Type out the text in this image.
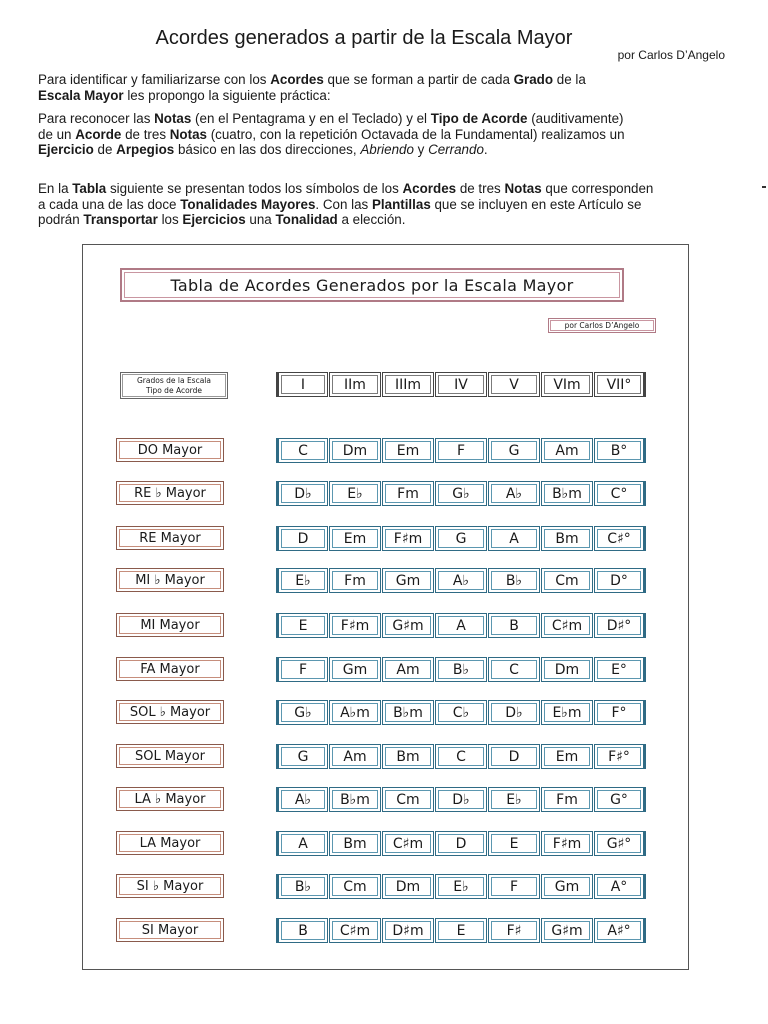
Acordes generados a partir de la Escala Mayor
por Carlos D’Angelo
Para identificar y familiarizarse con los Acordes que se forman a partir de cada Grado de la
Escala Mayor les propongo la siguiente práctica:
Para reconocer las Notas (en el Pentagrama y en el Teclado) y el Tipo de Acorde (auditivamente)
de un Acorde de tres Notas (cuatro, con la repetición Octavada de la Fundamental) realizamos un
Ejercicio de Arpegios básico en las dos direcciones, Abriendo y Cerrando.
En la Tabla siguiente se presentan todos los símbolos de los Acordes de tres Notas que corresponden
a cada una de las doce Tonalidades Mayores. Con las Plantillas que se incluyen en este Artículo se
podrán Transportar los Ejercicios una Tonalidad a elección.
Tabla de Acordes Generados por la Escala Mayor
por Carlos D’Angelo
Grados de la Escala
Tipo de Acorde	I	IIm	IIIm	IV	V	VIm	VII°
DO Mayor	C	Dm	Em	F	G	Am	B°
RE ♭ Mayor	D♭	E♭	Fm	G♭	A♭	B♭m	C°
RE Mayor	D	Em	F♯m	G	A	Bm	C♯°
MI ♭ Mayor	E♭	Fm	Gm	A♭	B♭	Cm	D°
MI Mayor	E	F♯m	G♯m	A	B	C♯m	D♯°
FA Mayor	F	Gm	Am	B♭	C	Dm	E°
SOL ♭ Mayor	G♭	A♭m	B♭m	C♭	D♭	E♭m	F°
SOL Mayor	G	Am	Bm	C	D	Em	F♯°
LA ♭ Mayor	A♭	B♭m	Cm	D♭	E♭	Fm	G°
LA Mayor	A	Bm	C♯m	D	E	F♯m	G♯°
SI ♭ Mayor	B♭	Cm	Dm	E♭	F	Gm	A°
SI Mayor	B	C♯m	D♯m	E	F♯	G♯m	A♯°
